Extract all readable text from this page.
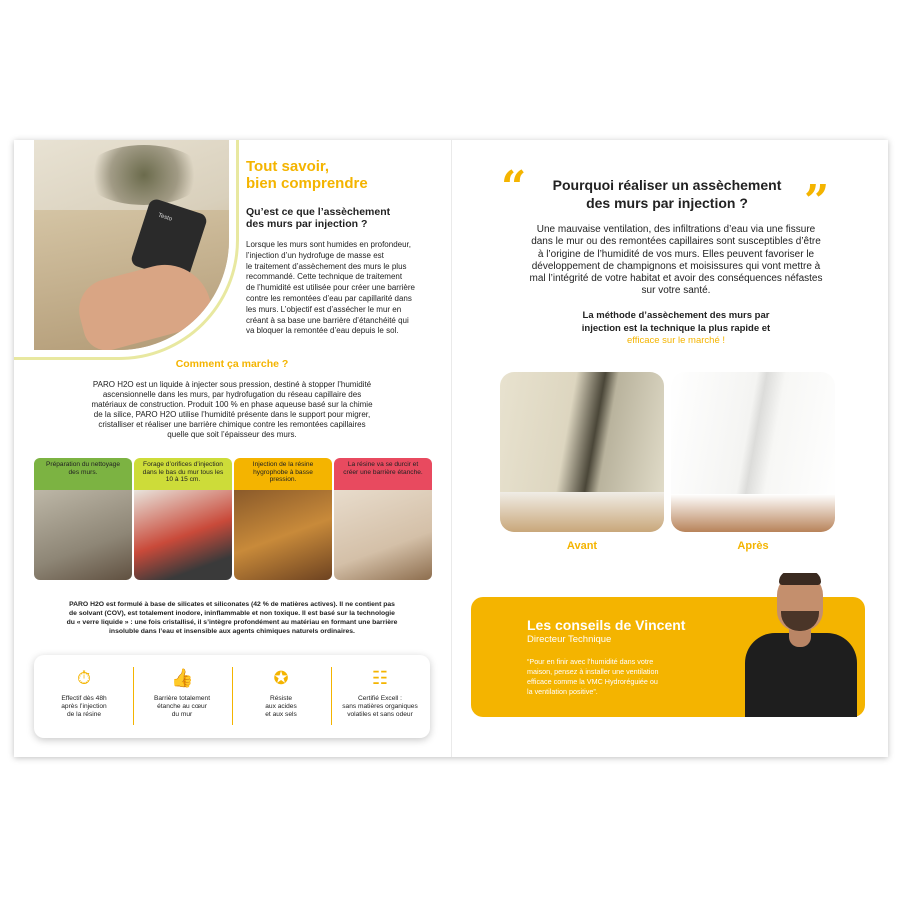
Testo
Tout savoir,
bien comprendre
Qu’est ce que l’assèchement
des murs par injection ?
Lorsque les murs sont humides en profondeur,
l’injection d’un hydrofuge de masse est
le traitement d’assèchement des murs le plus
recommandé. Cette technique de traitement
de l’humidité est utilisée pour créer une barrière
contre les remontées d’eau par capillarité dans
les murs. L’objectif est d’assécher le mur en
créant à sa base une barrière d’étanchéité qui
va bloquer la remontée d’eau depuis le sol.
Comment ça marche ?
PARO H2O est un liquide à injecter sous pression, destiné à stopper l’humidité
ascensionnelle dans les murs, par hydrofugation du réseau capillaire des
matériaux de construction. Produit 100 % en phase aqueuse basé sur la chimie
de la silice, PARO H2O utilise l’humidité présente dans le support pour migrer,
cristalliser et réaliser une barrière chimique contre les remontées capillaires
quelle que soit l’épaisseur des murs.
Préparation du nettoyage des murs.
Forage d’orifices d’injection dans le bas du mur tous les 10 à 15 cm.
Injection de la résine hygrophobe à basse pression.
La résine va se durcir et créer une barrière étanche.
PARO H2O est formulé à base de silicates et siliconates (42 % de matières actives). Il ne contient pas
de solvant (COV), est totalement inodore, ininflammable et non toxique. Il est basé sur la technologie
du « verre liquide » : une fois cristallisé, il s’intègre profondément au matériau en formant une barrière
insoluble dans l’eau et insensible aux agents chimiques naturels ordinaires.
⏱
Effectif dès 48h
après l’injection
de la résine
👍
Barrière totalement
étanche au cœur
du mur
✪
Résiste
aux acides
et aux sels
☷
Certifié Excell :
sans matières organiques
volatiles et sans odeur
“	”
Pourquoi réaliser un assèchement
des murs par injection ?
Une mauvaise ventilation, des infiltrations d’eau via une fissure
dans le mur ou des remontées capillaires sont susceptibles d’être
à l’origine de l’humidité de vos murs. Elles peuvent favoriser le
développement de champignons et moisissures qui vont mettre à
mal l’intégrité de votre habitat et avoir des conséquences néfastes
sur votre santé.
La méthode d’assèchement des murs par
injection est la technique la plus rapide et
efficace sur le marché !
Avant	Après
Les conseils de Vincent
Directeur Technique
“Pour en finir avec l’humidité dans votre
maison, pensez à installer une ventilation
efficace comme la VMC Hydroréguiée ou
la ventilation positive”.
